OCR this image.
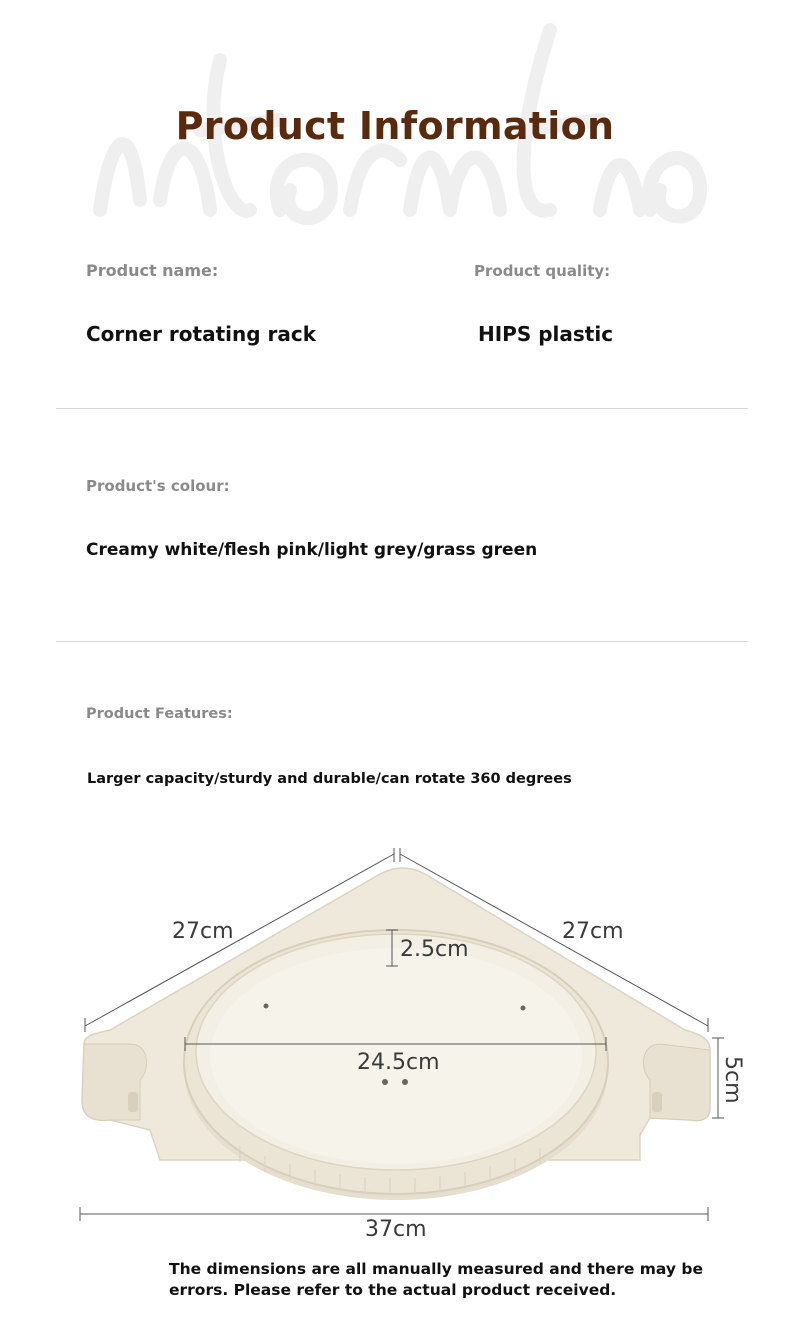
Product Information
Product name:	Product quality:
Corner rotating rack	HIPS plastic
Product's colour:
Creamy white/flesh pink/light grey/grass green
Product Features:
Larger capacity/sturdy and durable/can rotate 360 degrees
27cm	27cm
2.5cm
24.5cm	5cm
37cm
The dimensions are all manually measured and there may be
errors. Please refer to the actual product received.
